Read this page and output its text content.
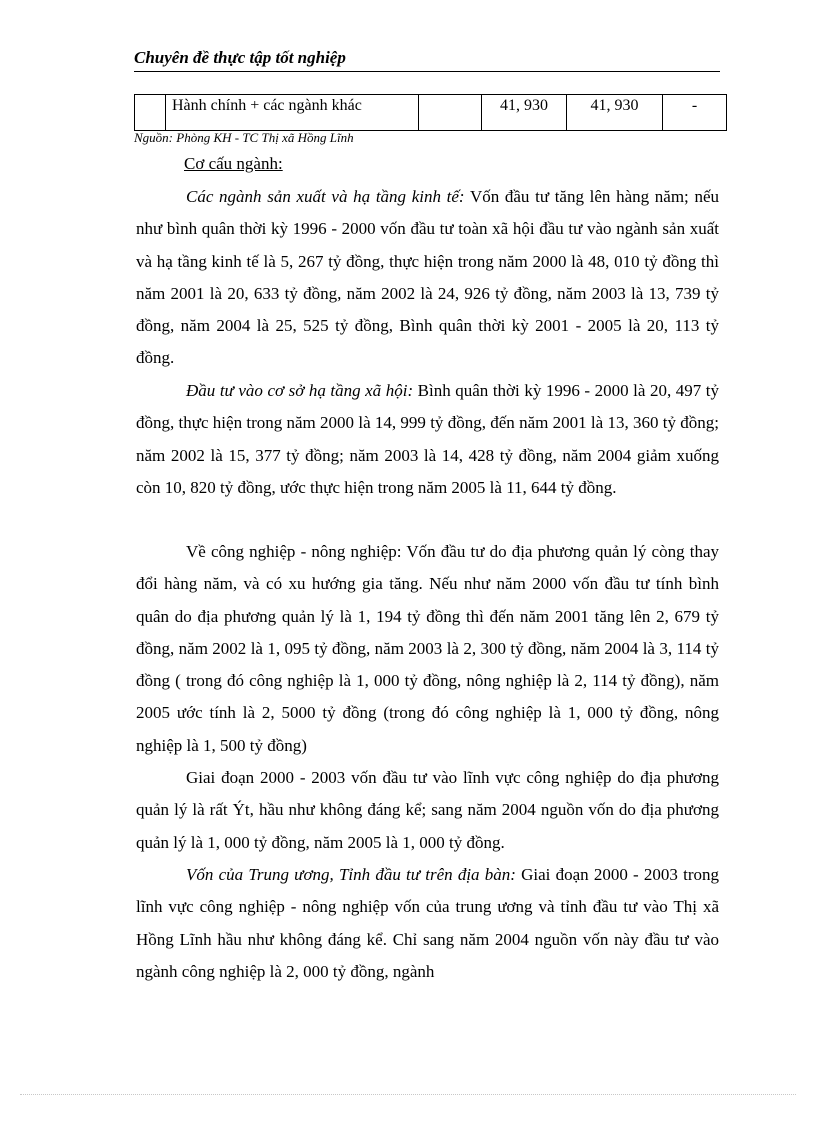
Chuyên đề thực tập tốt nghiệp
	Hành chính + các ngành khác		41, 930	41, 930	-
Nguồn: Phòng KH - TC Thị xã Hồng Lĩnh
Cơ cấu ngành:

Các ngành sản xuất và hạ tầng kinh tế: Vốn đầu tư tăng lên hàng năm; nếu như bình quân thời kỳ 1996 - 2000 vốn đầu tư toàn xã hội đầu tư vào ngành sản xuất và hạ tầng kinh tế là 5, 267 tỷ đồng, thực hiện trong năm 2000 là 48, 010 tỷ đồng thì năm 2001 là 20, 633 tỷ đồng, năm 2002 là 24, 926 tỷ đồng, năm 2003 là 13, 739 tỷ đồng, năm 2004 là 25, 525 tỷ đồng, Bình quân thời kỳ 2001 - 2005 là 20, 113 tỷ đồng.

Đầu tư vào cơ sở hạ tầng xã hội: Bình quân thời kỳ 1996 - 2000 là 20, 497 tỷ đồng, thực hiện trong năm 2000 là 14, 999 tỷ đồng, đến năm 2001 là 13, 360 tỷ đồng; năm 2002 là 15, 377 tỷ đồng; năm 2003 là 14, 428 tỷ đồng, năm 2004 giảm xuống còn 10, 820 tỷ đồng, ước thực hiện trong năm 2005 là 11, 644 tỷ đồng.

Về công nghiệp - nông nghiệp: Vốn đầu tư do địa phương quản lý còng thay đổi hàng năm, và có xu hướng gia tăng. Nếu như năm 2000 vốn đầu tư tính bình quân do địa phương quản lý là 1, 194 tỷ đồng thì đến năm 2001 tăng lên 2, 679 tỷ đồng, năm 2002 là 1, 095 tỷ đồng, năm 2003 là 2, 300 tỷ đồng, năm 2004 là 3, 114 tỷ đồng ( trong đó công nghiệp là 1, 000 tỷ đồng, nông nghiệp là 2, 114 tỷ đồng), năm 2005 ước tính là 2, 5000 tỷ đồng (trong đó công nghiệp là 1, 000 tỷ đồng, nông nghiệp là 1, 500 tỷ đồng)

Giai đoạn 2000 - 2003 vốn đầu tư vào lĩnh vực công nghiệp do địa phương quản lý là rất Ýt, hầu như không đáng kể; sang năm 2004 nguồn vốn do địa phương quản lý là 1, 000 tỷ đồng, năm 2005 là 1, 000 tỷ đồng.

Vốn của Trung ương, Tỉnh đầu tư trên địa bàn: Giai đoạn 2000 - 2003 trong lĩnh vực công nghiệp - nông nghiệp vốn của trung ương và tỉnh đầu tư vào Thị xã Hồng Lĩnh hầu như không đáng kể. Chỉ sang năm 2004 nguồn vốn này đầu tư vào ngành công nghiệp là 2, 000 tỷ đồng, ngành
